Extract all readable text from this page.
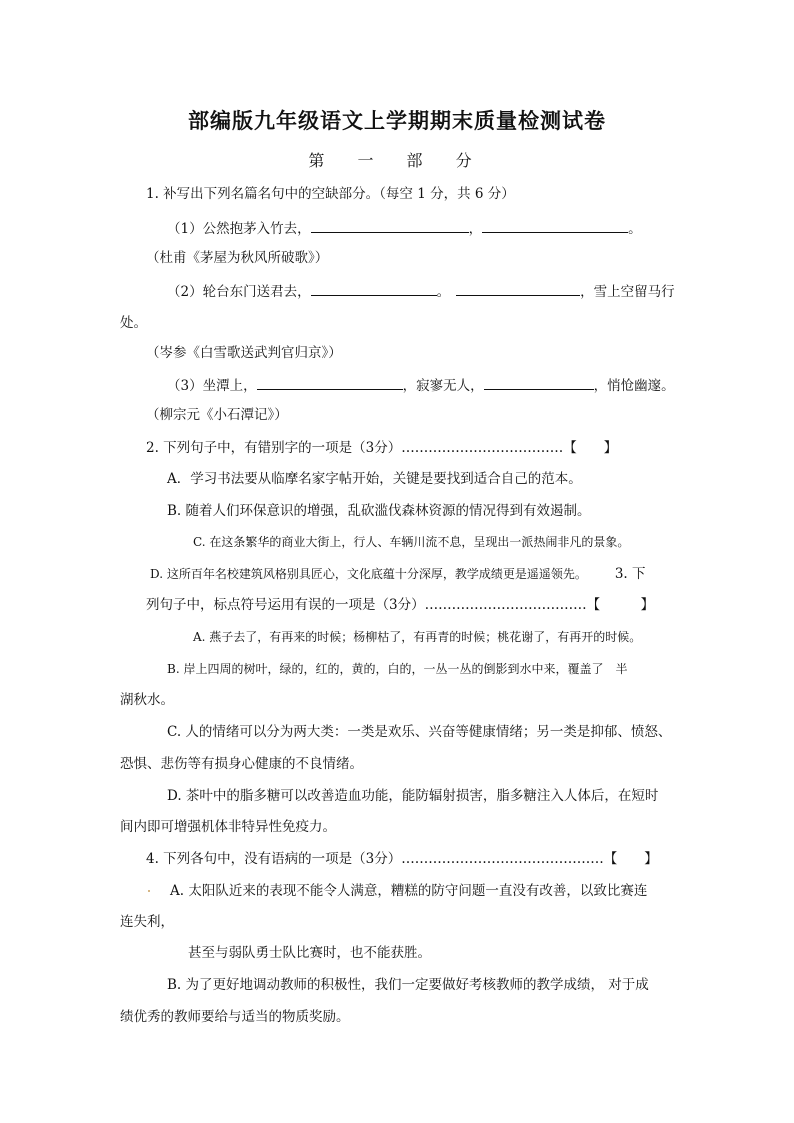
部编版九年级语文上学期期末质量检测试卷
第 一 部 分
1. 补写出下列名篇名句中的空缺部分。（每空 1 分，共 6 分）
（1）公然抱茅入竹去，	，	。
（杜甫《茅屋为秋风所破歌》）
（2）轮台东门送君去，	。	，雪上空留马行
处。
（岑参《白雪歌送武判官归京》）
（3）坐潭上，	，寂寥无人，	，悄怆幽邃。
（柳宗元《小石潭记》）
2. 下列句子中，有错别字的一项是（3分）………………………………【　　】
A．学习书法要从临摩名家字帖开始，关键是要找到适合自己的范本。
B. 随着人们环保意识的增强，乱砍滥伐森林资源的情况得到有效遏制。
C. 在这条繁华的商业大街上，行人、车辆川流不息，呈现出一派热闹非凡的景象。
D. 这所百年名校建筑风格别具匠心，文化底蕴十分深厚，教学成绩更是遥遥领先。 3. 下
列句子中，标点符号运用有误的一项是（3分）………………………………【　　　】
A. 燕子去了，有再来的时候；杨柳枯了，有再青的时候；桃花谢了，有再开的时候。
B. 岸上四周的树叶，绿的，红的，黄的，白的，一丛一丛的倒影到水中来，覆盖了　半
湖秋水。
C. 人的情绪可以分为两大类：一类是欢乐、兴奋等健康情绪；另一类是抑郁、愤怒、
恐惧、悲伤等有损身心健康的不良情绪。
D. 茶叶中的脂多糖可以改善造血功能，能防辐射损害，脂多糖注入人体后，在短时
间内即可增强机体非特异性免疫力。
4. 下列各句中，没有语病的一项是（3分）………………………………………【　　】
A. 太阳队近来的表现不能令人满意，糟糕的防守问题一直没有改善，以致比赛连
连失利，
甚至与弱队勇士队比赛时，也不能获胜。
B. 为了更好地调动教师的积极性，我们一定要做好考核教师的教学成绩， 对于成
绩优秀的教师要给与适当的物质奖励。
